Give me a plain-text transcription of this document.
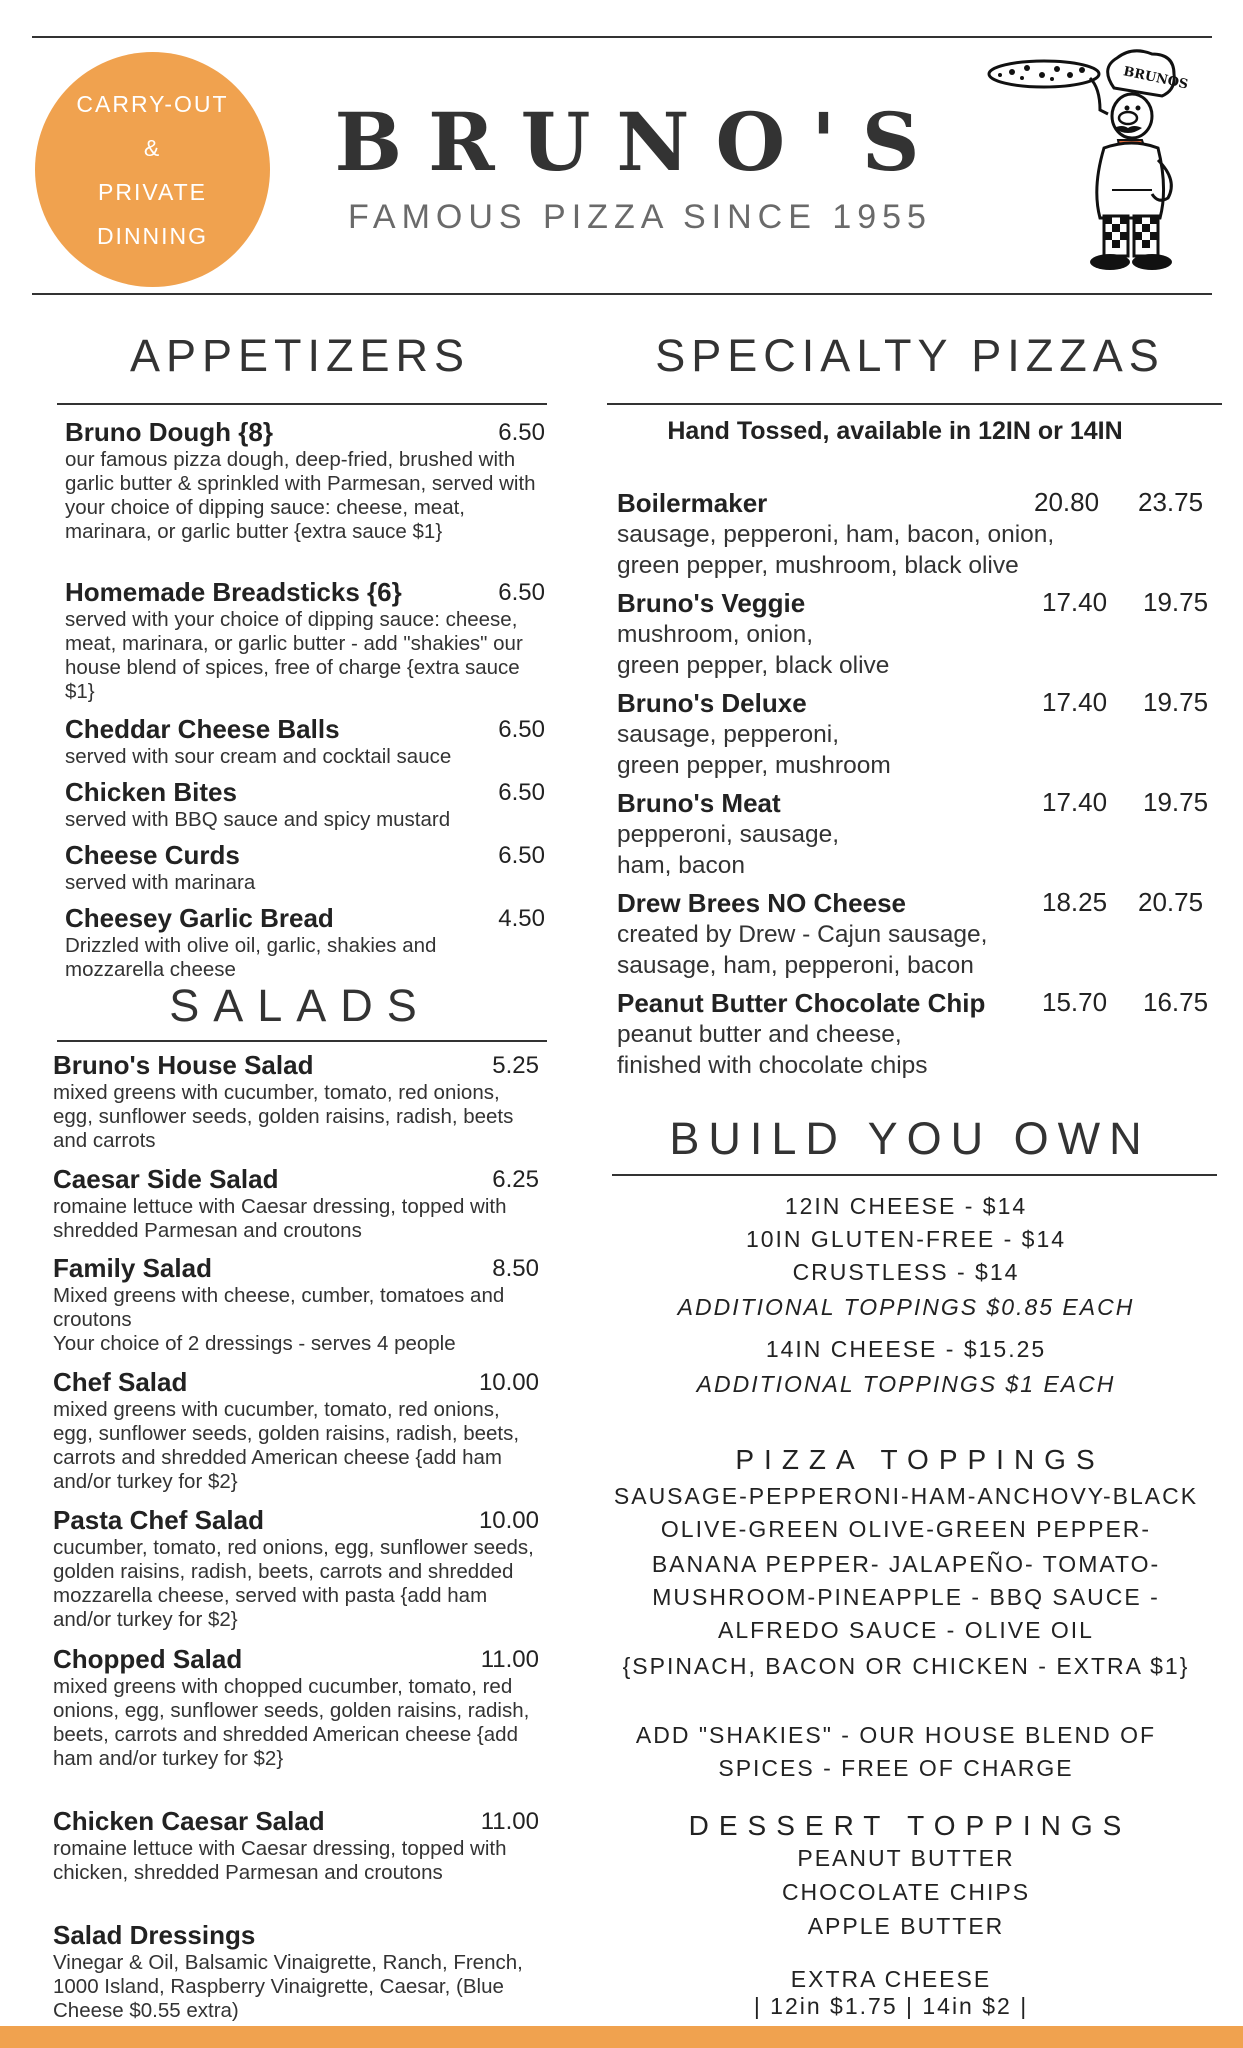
CARRY-OUT
&
PRIVATE
DINNING
BRUNO'S
FAMOUS PIZZA SINCE 1955
BRUNOS
APPETIZERS
Bruno Dough {8}	6.50
our famous pizza dough, deep-fried, brushed with garlic butter & sprinkled with Parmesan, served with your choice of dipping sauce: cheese, meat, marinara, or garlic butter {extra sauce $1}
Homemade Breadsticks {6}	6.50
served with your choice of dipping sauce: cheese, meat, marinara, or garlic butter - add "shakies" our house blend of spices, free of charge {extra sauce $1}
Cheddar Cheese Balls	6.50
served with sour cream and cocktail sauce
Chicken Bites	6.50
served with BBQ sauce and spicy mustard
Cheese Curds	6.50
served with marinara
Cheesey Garlic Bread	4.50
Drizzled with olive oil, garlic, shakies and mozzarella cheese
SALADS
Bruno's House Salad	5.25
mixed greens with cucumber, tomato, red onions, egg, sunflower seeds, golden raisins, radish, beets and carrots
Caesar Side Salad	6.25
romaine lettuce with Caesar dressing, topped with shredded Parmesan and croutons
Family Salad	8.50
Mixed greens with cheese, cumber, tomatoes and croutons
Your choice of 2 dressings - serves 4 people
Chef Salad	10.00
mixed greens with cucumber, tomato, red onions, egg, sunflower seeds, golden raisins, radish, beets, carrots and shredded American cheese {add ham and/or turkey for $2}
Pasta Chef Salad	10.00
cucumber, tomato, red onions, egg, sunflower seeds, golden raisins, radish, beets, carrots and shredded mozzarella cheese, served with pasta {add ham and/or turkey for $2}
Chopped Salad	11.00
mixed greens with chopped cucumber, tomato, red onions, egg, sunflower seeds, golden raisins, radish, beets, carrots and shredded American cheese {add ham and/or turkey for $2}
Chicken Caesar Salad	11.00
romaine lettuce with Caesar dressing, topped with chicken, shredded Parmesan and croutons
Salad Dressings
Vinegar & Oil, Balsamic Vinaigrette, Ranch, French, 1000 Island, Raspberry Vinaigrette, Caesar, (Blue Cheese $0.55 extra)
SPECIALTY PIZZAS
Hand Tossed, available in 12IN or 14IN
Boilermaker	20.80 23.75
sausage, pepperoni, ham, bacon, onion,
green pepper, mushroom, black olive
Bruno's Veggie	17.40 19.75
mushroom, onion,
green pepper, black olive
Bruno's Deluxe	17.40 19.75
sausage, pepperoni,
green pepper, mushroom
Bruno's Meat	17.40 19.75
pepperoni, sausage,
ham, bacon
Drew Brees NO Cheese	18.25 20.75
created by Drew - Cajun sausage,
sausage, ham, pepperoni, bacon
Peanut Butter Chocolate Chip	15.70 16.75
peanut butter and cheese,
finished with chocolate chips
BUILD YOU OWN
12IN CHEESE - $14
10IN GLUTEN-FREE - $14
CRUSTLESS - $14
ADDITIONAL TOPPINGS $0.85 EACH
14IN CHEESE - $15.25
ADDITIONAL TOPPINGS $1 EACH
PIZZA TOPPINGS
SAUSAGE-PEPPERONI-HAM-ANCHOVY-BLACK
OLIVE-GREEN OLIVE-GREEN PEPPER-
BANANA PEPPER- JALAPEÑO- TOMATO-
MUSHROOM-PINEAPPLE - BBQ SAUCE -
ALFREDO SAUCE - OLIVE OIL
{SPINACH, BACON OR CHICKEN - EXTRA $1}
ADD "SHAKIES" - OUR HOUSE BLEND OF
SPICES - FREE OF CHARGE
DESSERT TOPPINGS
PEANUT BUTTER
CHOCOLATE CHIPS
APPLE BUTTER
EXTRA CHEESE
| 12in $1.75 | 14in $2 |
